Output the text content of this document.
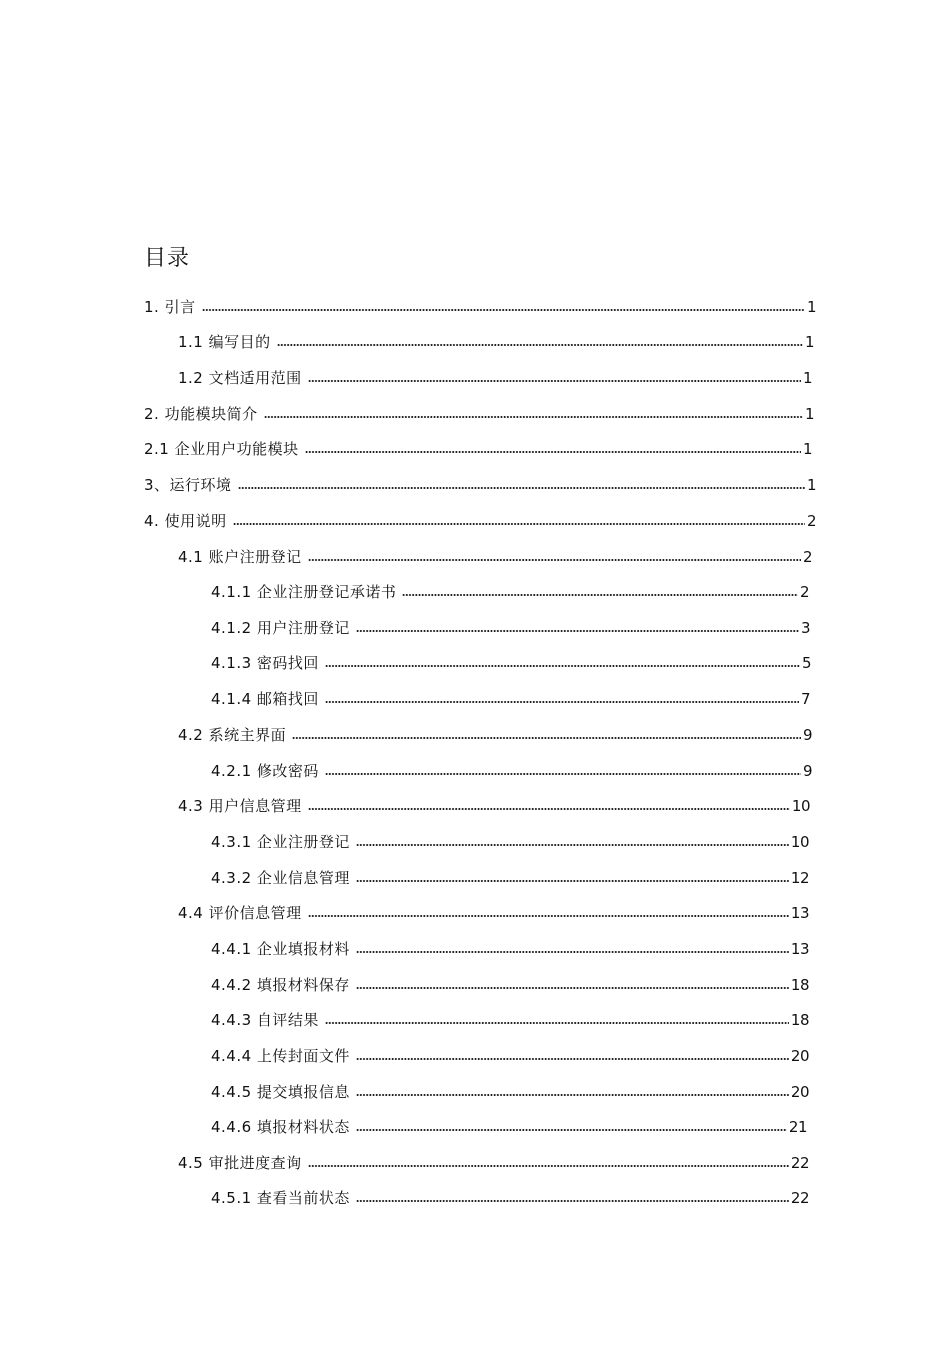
目录
1. 引言	1
1.1 编写目的	1
1.2 文档适用范围	1
2. 功能模块简介	1
2.1 企业用户功能模块	1
3、运行环境	1
4. 使用说明	2
4.1 账户注册登记	2
4.1.1 企业注册登记承诺书	2
4.1.2 用户注册登记	3
4.1.3 密码找回	5
4.1.4 邮箱找回	7
4.2 系统主界面	9
4.2.1 修改密码	9
4.3 用户信息管理	10
4.3.1 企业注册登记	10
4.3.2 企业信息管理	12
4.4 评价信息管理	13
4.4.1 企业填报材料	13
4.4.2 填报材料保存	18
4.4.3 自评结果	18
4.4.4 上传封面文件	20
4.4.5 提交填报信息	20
4.4.6 填报材料状态	21
4.5 审批进度查询	22
4.5.1 查看当前状态	22
